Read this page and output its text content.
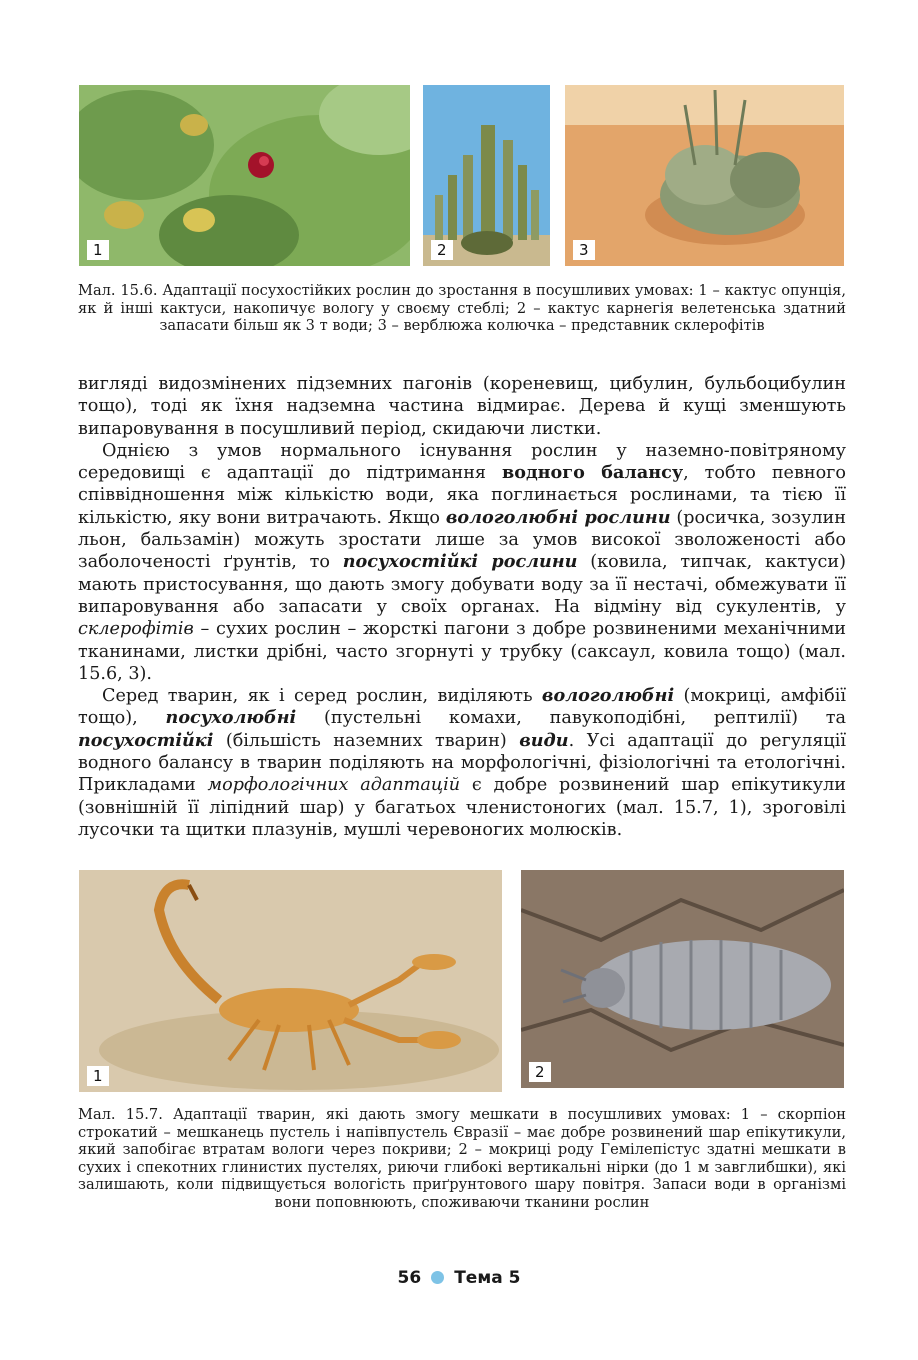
1	2	3
Мал. 15.6. Адаптації посухостійких рослин до зростання в посушливих умовах: 1 – кактус опунція, як й інші кактуси, накопичує вологу у своєму стеблі; 2 – кактус карнегія велетенська здатний запасати більш як 3 т води; 3 – верблюжа колючка – представник склерофітів

вигляді видозмінених підземних пагонів (кореневищ, цибулин, бульбоцибулин тощо), тоді як їхня надземна частина відмирає. Дерева й кущі зменшують випаровування в посушливий період, скидаючи листки.

Однією з умов нормального існування рослин у наземно-повітряному середовищі є адаптації до підтримання водного балансу, тобто певного співвідношення між кількістю води, яка поглинається рослинами, та тією її кількістю, яку вони витрачають. Якщо вологолюбні рослини (росичка, зозулин льон, бальзамін) можуть зростати лише за умов високої зволоженості або заболоченості ґрунтів, то посухостійкі рослини (ковила, типчак, кактуси) мають пристосування, що дають змогу добувати воду за її нестачі, обмежувати її випаровування або запасати у своїх органах. На відміну від сукулентів, у склерофітів – сухих рослин – жорсткі пагони з добре розвиненими механічними тканинами, листки дрібні, часто згорнуті у трубку (саксаул, ковила тощо) (мал. 15.6, 3).

Серед тварин, як і серед рослин, виділяють вологолюбні (мокриці, амфібії тощо), посухолюбні (пустельні комахи, павукоподібні, рептилії) та посухостійкі (більшість наземних тварин) види. Усі адаптації до регуляції водного балансу в тварин поділяють на морфологічні, фізіологічні та етологічні. Прикладами морфологічних адаптацій є добре розвинений шар епікутикули (зовнішній її ліпідний шар) у багатьох членистоногих (мал. 15.7, 1), зроговілі лусочки та щитки плазунів, мушлі черевоногих молюсків.

1	2
Мал. 15.7. Адаптації тварин, які дають змогу мешкати в посушливих умовах: 1 – скорпіон строкатий – мешканець пустель і напівпустель Євразії – має добре розвинений шар епікутикули, який запобігає втратам вологи через покриви; 2 – мокриці роду Гемілепістус здатні мешкати в сухих і спекотних глинистих пустелях, риючи глибокі вертикальні нірки (до 1 м завглибшки), які залишають, коли підвищується вологість приґрунтового шару повітря. Запаси води в організмі вони поповнюють, споживаючи тканини рослин
56 Тема 5
